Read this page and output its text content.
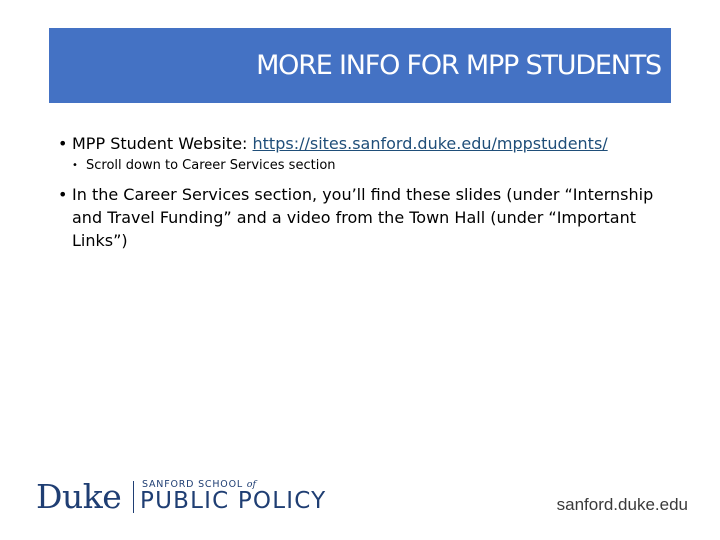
MORE INFO FOR MPP STUDENTS
• MPP Student Website: https://sites.sanford.duke.edu/mppstudents/
• Scroll down to Career Services section
• In the Career Services section, you’ll find these slides (under “Internship and Travel Funding” and a video from the Town Hall (under “Important Links”)
Duke SANFORD SCHOOL of
PUBLIC POLICY	sanford.duke.edu
